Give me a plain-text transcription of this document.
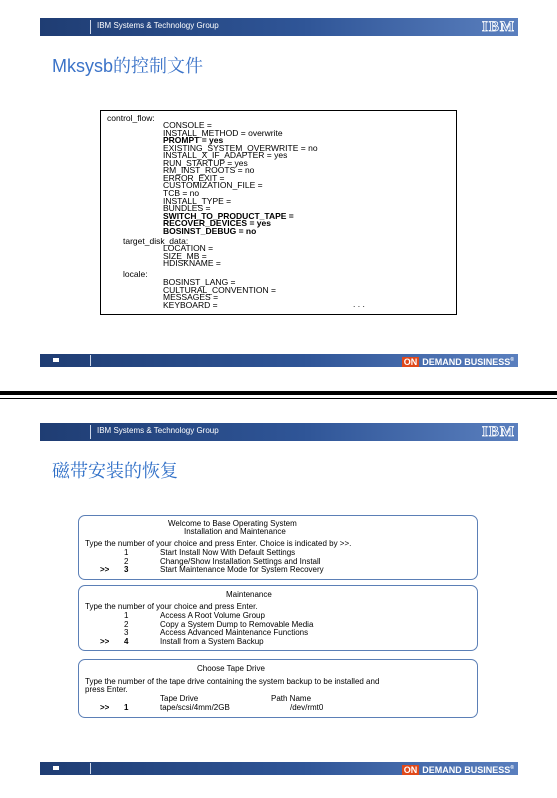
IBM Systems & Technology Group	IBM
Mksysb的控制文件
control_flow:
CONSOLE =
INSTALL_METHOD = overwrite
PROMPT = yes
EXISTING_SYSTEM_OVERWRITE = no
INSTALL_X_IF_ADAPTER = yes
RUN_STARTUP = yes
RM_INST_ROOTS = no
ERROR_EXIT =
CUSTOMIZATION_FILE =
TCB = no
INSTALL_TYPE =
BUNDLES =
SWITCH_TO_PRODUCT_TAPE =
RECOVER_DEVICES = yes
BOSINST_DEBUG = no
target_disk_data:
LOCATION =
SIZE_MB =
HDISKNAME =
locale:
BOSINST_LANG =
CULTURAL_CONVENTION =
MESSAGES =
KEYBOARD =	. . .
ON DEMAND BUSINESS®
IBM Systems & Technology Group	IBM
磁带安装的恢复
Welcome to Base Operating System
Installation and Maintenance
Type the number of your choice and press Enter. Choice is indicated by >>.
1	Start Install Now With Default Settings
2	Change/Show Installation Settings and Install
>> 3	Start Maintenance Mode for System Recovery
Maintenance
Type the number of your choice and press Enter.
1	Access A Root Volume Group
2	Copy a System Dump to Removable Media
3	Access Advanced Maintenance Functions
>> 4	Install from a System Backup
Choose Tape Drive
Type the number of the tape drive containing the system backup to be installed and
press Enter.
Tape Drive	Path Name
>> 1	tape/scsi/4mm/2GB	/dev/rmt0
ON DEMAND BUSINESS®
